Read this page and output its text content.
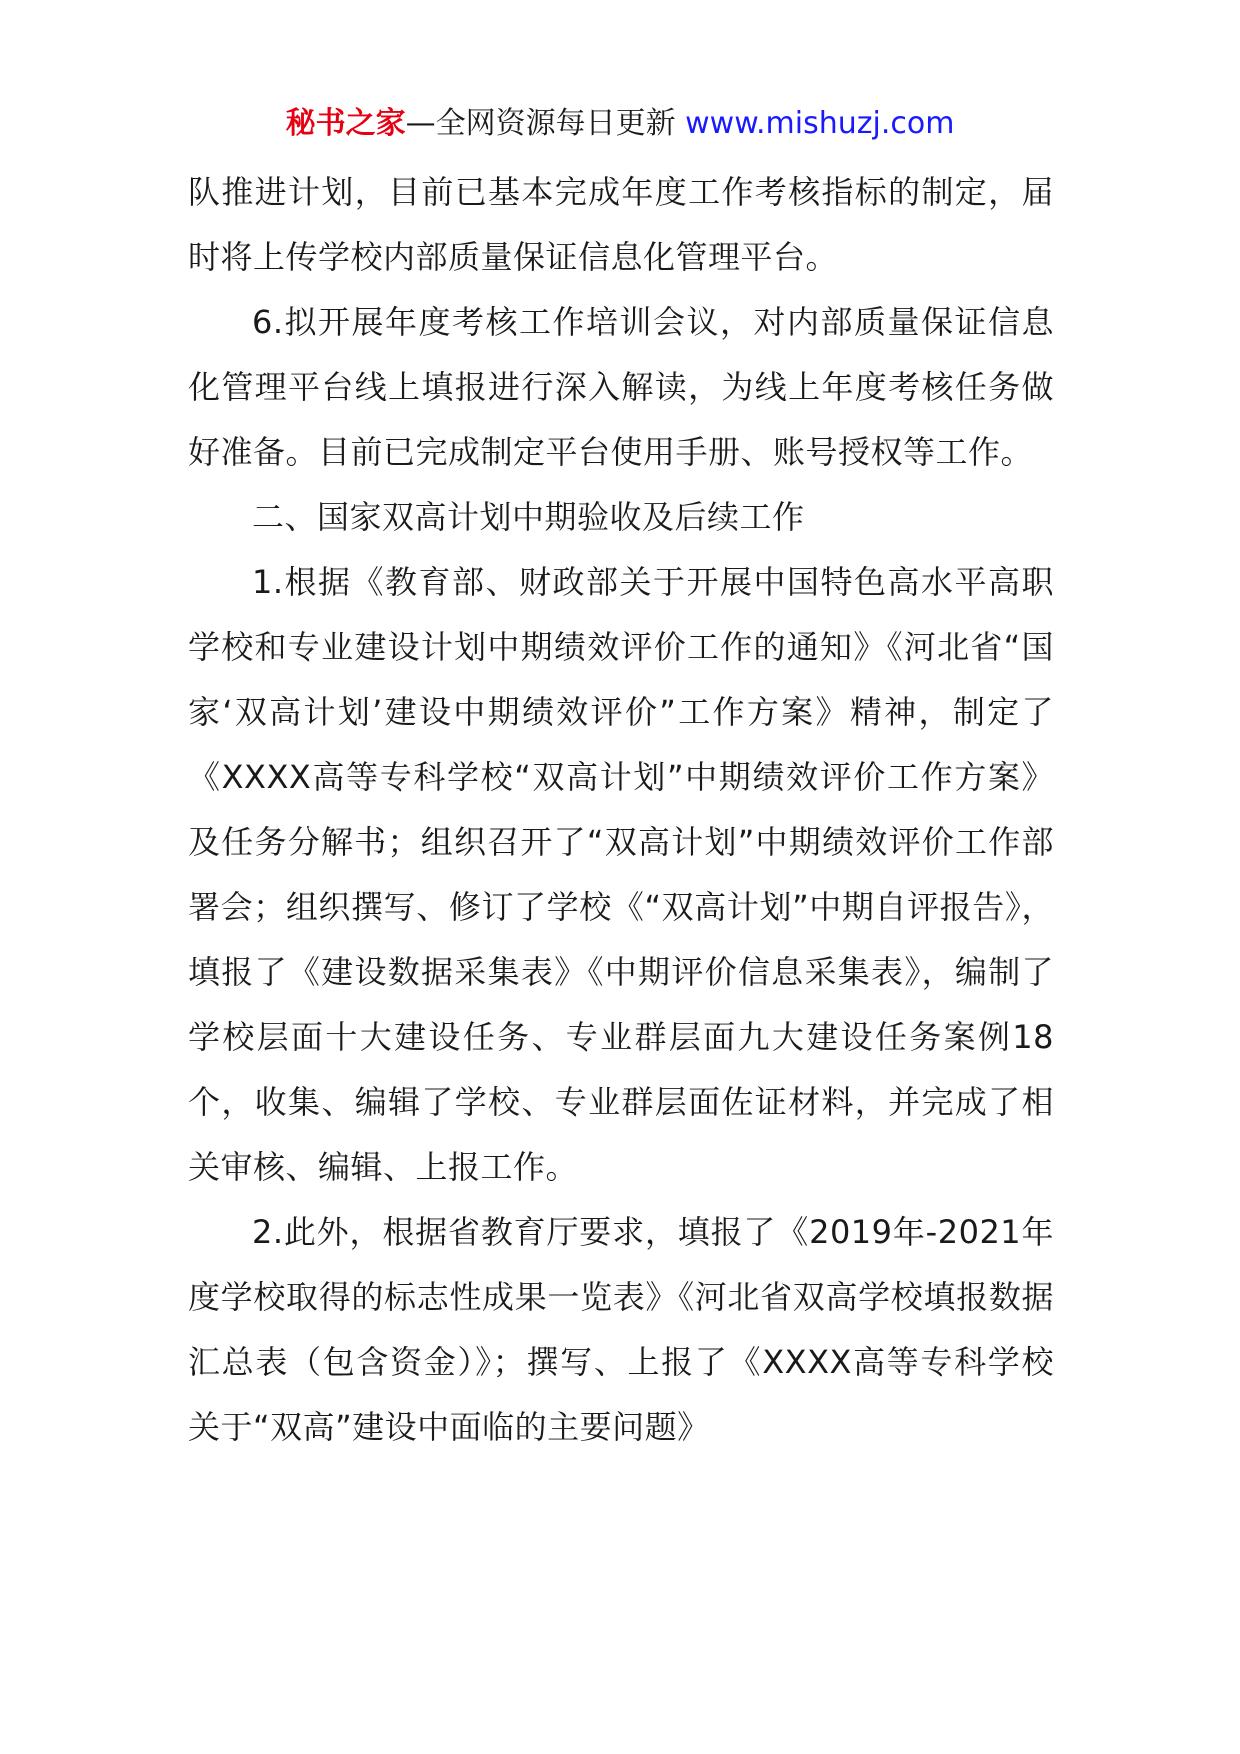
秘书之家—全网资源每日更新 www.mishuzj.com

队推进计划，目前已基本完成年度工作考核指标的制定，届时将上传学校内部质量保证信息化管理平台。

6.拟开展年度考核工作培训会议，对内部质量保证信息化管理平台线上填报进行深入解读，为线上年度考核任务做好准备。目前已完成制定平台使用手册、账号授权等工作。

二、国家双高计划中期验收及后续工作

1.根据《教育部、财政部关于开展中国特色高水平高职学校和专业建设计划中期绩效评价工作的通知》《河北省“国家‘双高计划’建设中期绩效评价”工作方案》精神，制定了《XXXX高等专科学校“双高计划”中期绩效评价工作方案》及任务分解书；组织召开了“双高计划”中期绩效评价工作部署会；组织撰写、修订了学校《“双高计划”中期自评报告》，填报了《建设数据采集表》《中期评价信息采集表》，编制了学校层面十大建设任务、专业群层面九大建设任务案例18个，收集、编辑了学校、专业群层面佐证材料，并完成了相关审核、编辑、上报工作。

2.此外，根据省教育厅要求，填报了《2019年-2021年度学校取得的标志性成果一览表》《河北省双高学校填报数据汇总表（包含资金）》；撰写、上报了《XXXX高等专科学校关于“双高”建设中面临的主要问题》
